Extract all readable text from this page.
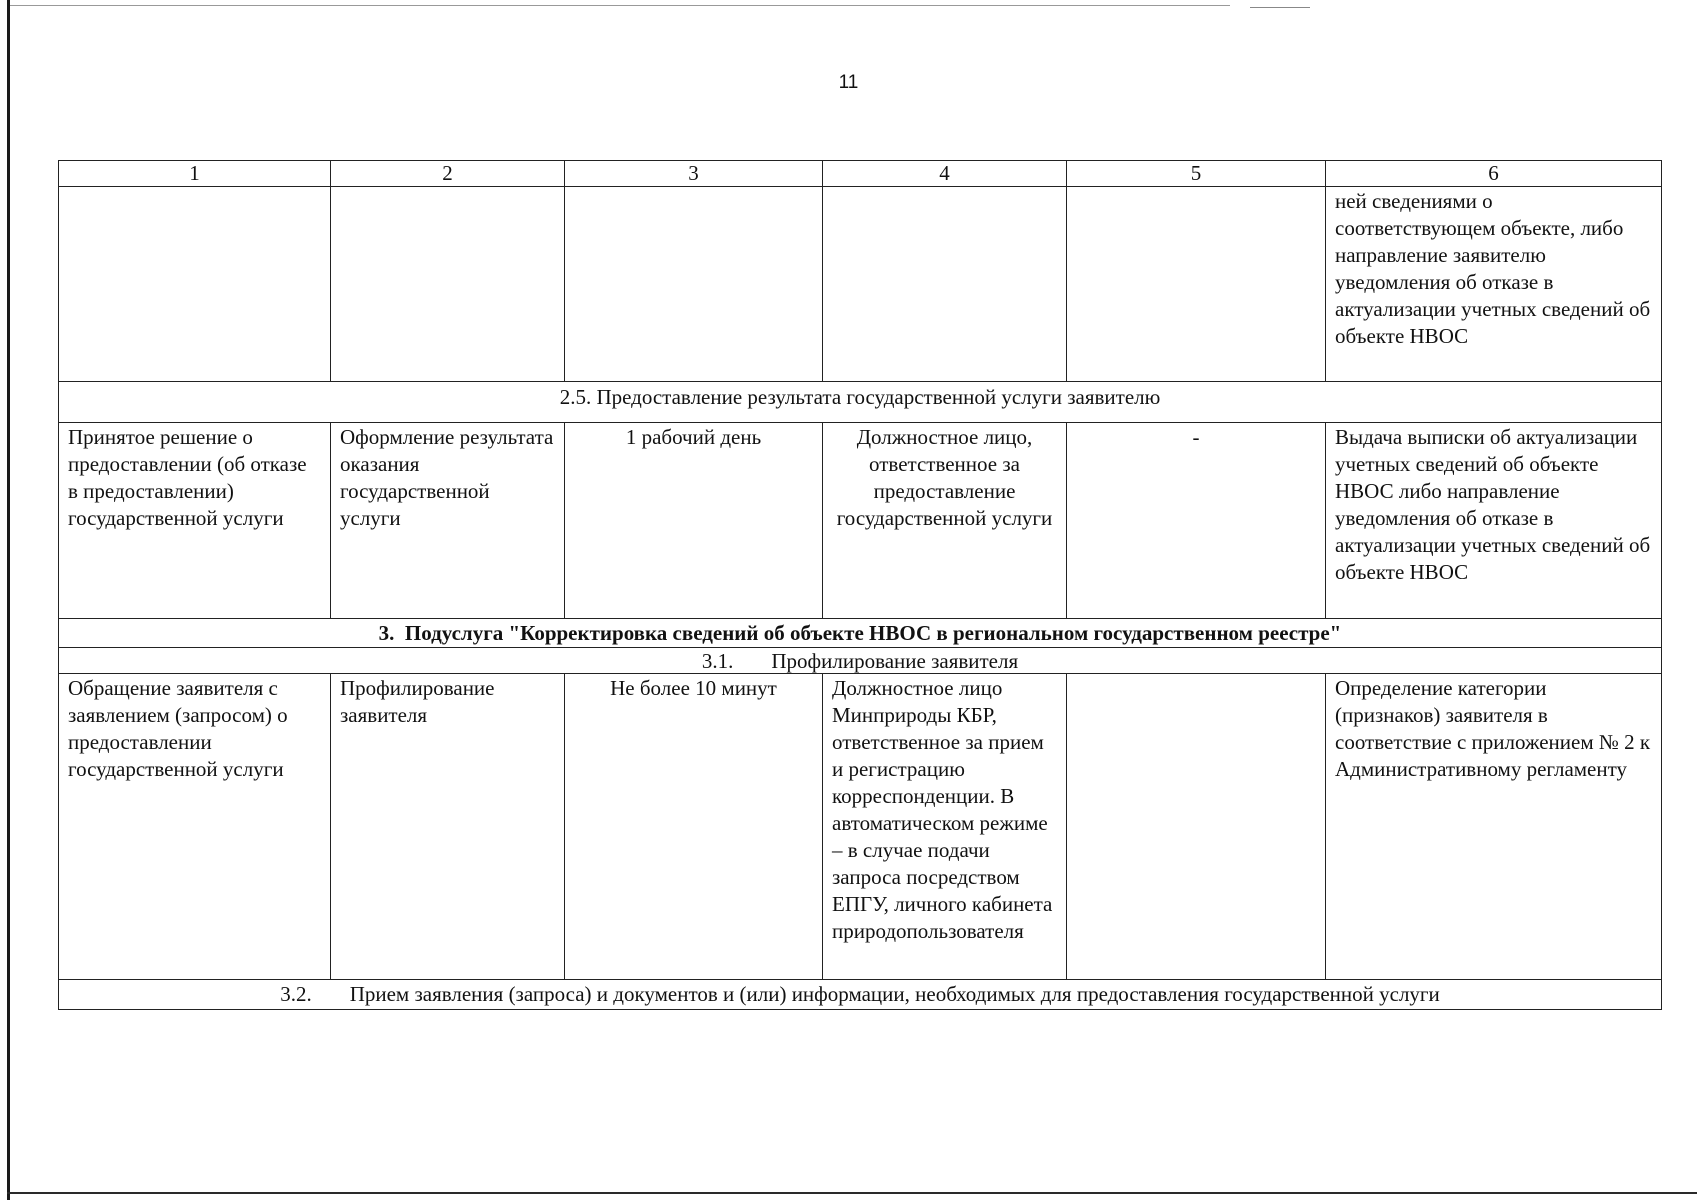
11
1	2	3	4	5	6
					ней сведениями о соответствующем объекте, либо направление заявителю уведомления об отказе в актуализации учетных сведений об объекте НВОС
2.5. Предоставление результата государственной услуги заявителю					
Принятое решение о предоставлении (об отказе в предоставлении) государственной услуги	Оформление результата оказания государственной услуги	1 рабочий день	Должностное лицо, ответственное за предоставление государственной услуги	-	Выдача выписки об актуализации учетных сведений об объекте НВОС либо направление уведомления об отказе в актуализации учетных сведений об объекте НВОС
3. Подуслуга "Корректировка сведений об объекте НВОС в региональном государственном реестре"					
3.1. Профилирование заявителя					
Обращение заявителя с заявлением (запросом) о предоставлении государственной услуги	Профилирование заявителя	Не более 10 минут	Должностное лицо Минприроды КБР, ответственное за прием и регистрацию корреспонденции. В автоматическом режиме – в случае подачи запроса посредством ЕПГУ, личного кабинета природопользователя		Определение категории (признаков) заявителя в соответствие с приложением № 2 к Административному регламенту
3.2. Прием заявления (запроса) и документов и (или) информации, необходимых для предоставления государственной услуги					
